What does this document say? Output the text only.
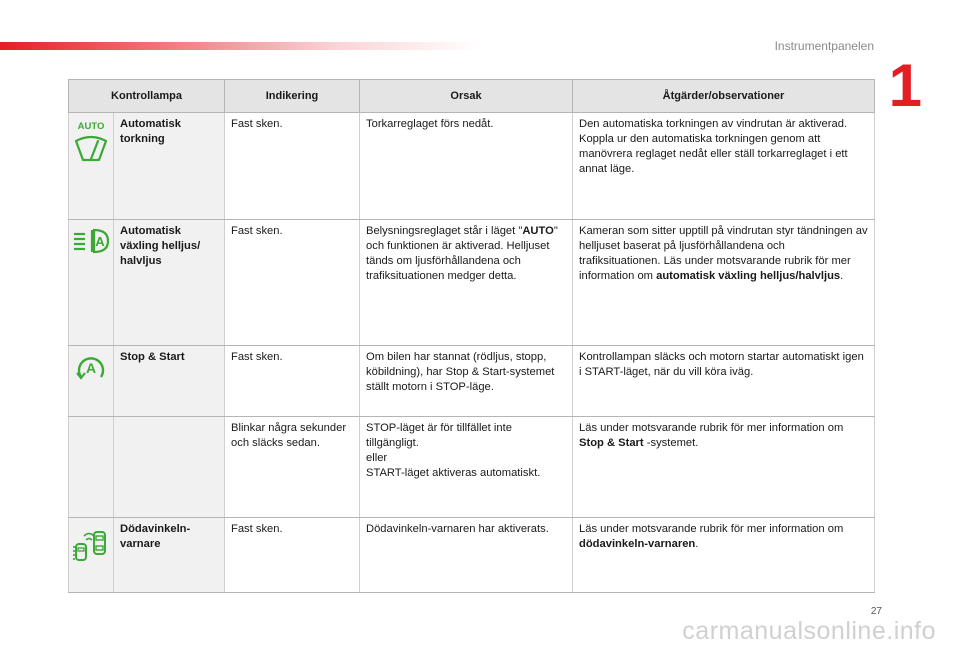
Instrumentpanelen
1
Kontrollampa		Indikering	Orsak	Åtgärder/observationer

AUTO	Automatisk torkning	Fast sken.	Torkarreglaget förs nedåt.	Den automatiska torkningen av vindrutan är aktiverad. Koppla ur den automatiska torkningen genom att manövrera reglaget nedåt eller ställ torkarreglaget i ett annat läge.

A	Automatisk växling helljus/ halvljus	Fast sken.	Belysningsreglaget står i läget "AUTO" och funktionen är aktiverad. Helljuset tänds om ljusförhållandena och trafiksituationen medger detta.	Kameran som sitter upptill på vindrutan styr tändningen av helljuset baserat på ljusförhållandena och trafiksituationen. Läs under motsvarande rubrik för mer information om automatisk växling helljus/halvljus.

A	Stop & Start	Fast sken.	Om bilen har stannat (rödljus, stopp, köbildning), har Stop & Start-systemet ställt motorn i STOP-läge.	Kontrollampan släcks och motorn startar automatiskt igen i START-läget, när du vill köra iväg.
		Blinkar några sekunder och släcks sedan.	STOP-läget är för tillfället inte tillgängligt.
eller
START-läget aktiveras automatiskt.	Läs under motsvarande rubrik för mer information om Stop & Start -systemet.

	Dödavinkeln-varnare	Fast sken.	Dödavinkeln-varnaren har aktiverats.	Läs under motsvarande rubrik för mer information om dödavinkeln-varnaren.
27
carmanualsonline.info
